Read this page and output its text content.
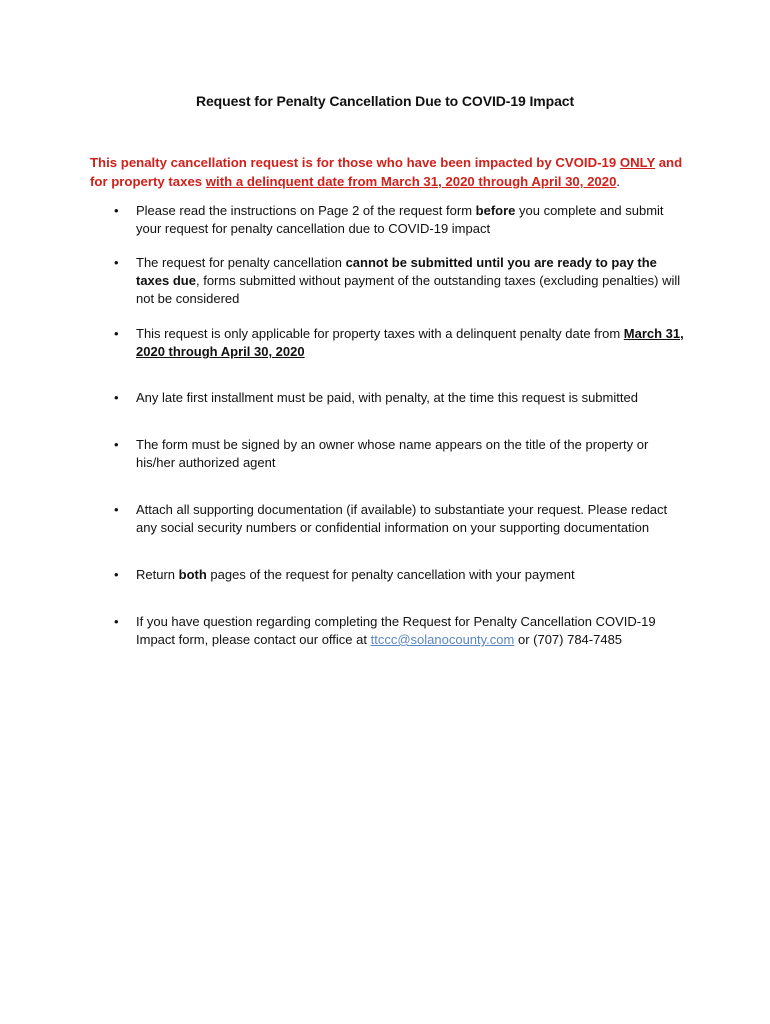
Request for Penalty Cancellation Due to COVID-19 Impact
This penalty cancellation request is for those who have been impacted by CVOID-19 ONLY and for property taxes with a delinquent date from March 31, 2020 through April 30, 2020.
• Please read the instructions on Page 2 of the request form before you complete and submit your request for penalty cancellation due to COVID-19 impact
• The request for penalty cancellation cannot be submitted until you are ready to pay the taxes due, forms submitted without payment of the outstanding taxes (excluding penalties) will not be considered
• This request is only applicable for property taxes with a delinquent penalty date from March 31, 2020 through April 30, 2020
• Any late first installment must be paid, with penalty, at the time this request is submitted
• The form must be signed by an owner whose name appears on the title of the property or his/her authorized agent
• Attach all supporting documentation (if available) to substantiate your request. Please redact any social security numbers or confidential information on your supporting documentation
• Return both pages of the request for penalty cancellation with your payment
• If you have question regarding completing the Request for Penalty Cancellation COVID-19 Impact form, please contact our office at ttccc@solanocounty.com or (707) 784-7485
